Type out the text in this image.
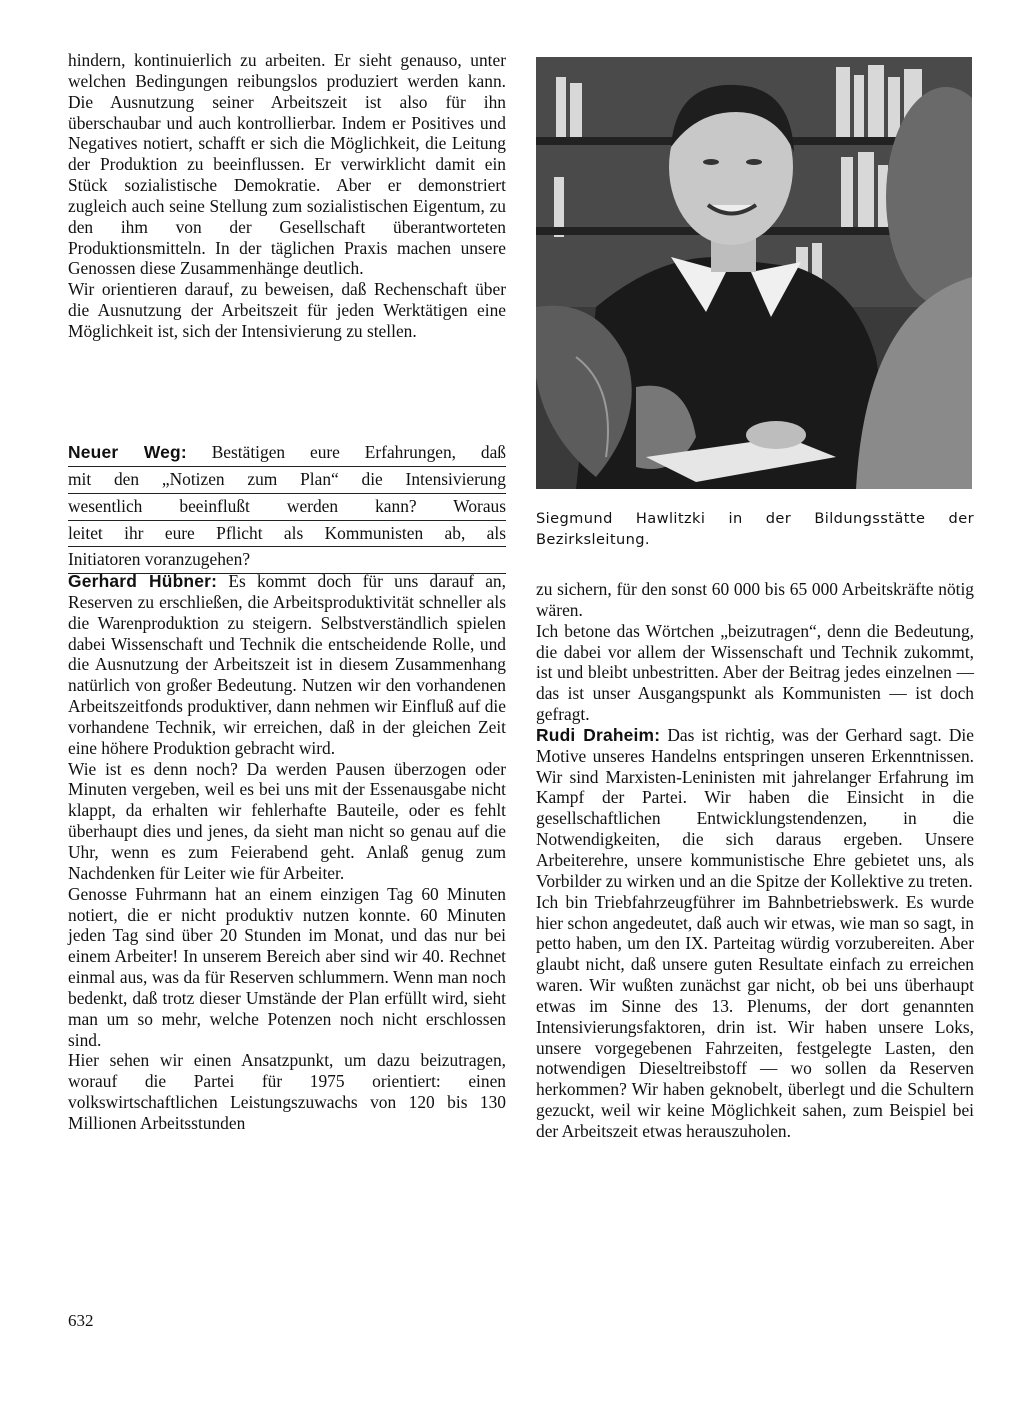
hindern, kontinuierlich zu arbeiten. Er sieht genauso, unter welchen Bedingungen reibungslos produziert werden kann. Die Ausnutzung seiner Arbeitszeit ist also für ihn überschaubar und auch kontrollierbar. Indem er Positives und Negatives notiert, schafft er sich die Möglichkeit, die Leitung der Produktion zu beeinflussen. Er verwirklicht damit ein Stück sozialistische Demokratie. Aber er demonstriert zugleich auch seine Stellung zum sozialistischen Eigentum, zu den ihm von der Gesellschaft überantworteten Produktionsmitteln. In der täglichen Praxis machen unsere Genossen diese Zusammenhänge deutlich.

Wir orientieren darauf, zu beweisen, daß Rechenschaft über die Ausnutzung der Arbeitszeit für jeden Werktätigen eine Möglichkeit ist, sich der Intensivierung zu stellen.

Neuer Weg: Bestätigen eure Erfahrungen, daß
mit den „Notizen zum Plan“ die Intensivierung
wesentlich beeinflußt werden kann? Woraus
leitet ihr eure Pflicht als Kommunisten ab, als
Initiatoren voranzugehen?

Gerhard Hübner: Es kommt doch für uns darauf an, Reserven zu erschließen, die Arbeitsproduktivität schneller als die Warenproduktion zu steigern. Selbstverständlich spielen dabei Wissenschaft und Technik die entscheidende Rolle, und die Ausnutzung der Arbeitszeit ist in diesem Zusammenhang natürlich von großer Bedeutung. Nutzen wir den vorhandenen Arbeitszeitfonds produktiver, dann nehmen wir Einfluß auf die vorhandene Technik, wir erreichen, daß in der gleichen Zeit eine höhere Produktion gebracht wird.

Wie ist es denn noch? Da werden Pausen überzogen oder Minuten vergeben, weil es bei uns mit der Essenausgabe nicht klappt, da erhalten wir fehlerhafte Bauteile, oder es fehlt überhaupt dies und jenes, da sieht man nicht so genau auf die Uhr, wenn es zum Feierabend geht. Anlaß genug zum Nachdenken für Leiter wie für Arbeiter.

Genosse Fuhrmann hat an einem einzigen Tag 60 Minuten notiert, die er nicht produktiv nutzen konnte. 60 Minuten jeden Tag sind über 20 Stunden im Monat, und das nur bei einem Arbeiter! In unserem Bereich aber sind wir 40. Rechnet einmal aus, was da für Reserven schlummern. Wenn man noch bedenkt, daß trotz dieser Umstände der Plan erfüllt wird, sieht man um so mehr, welche Potenzen noch nicht erschlossen sind.

Hier sehen wir einen Ansatzpunkt, um dazu beizutragen, worauf die Partei für 1975 orientiert: einen volkswirtschaftlichen Leistungszuwachs von 120 bis 130 Millionen Arbeitsstunden

Siegmund Hawlitzki in der Bildungsstätte der Bezirksleitung.

zu sichern, für den sonst 60 000 bis 65 000 Arbeitskräfte nötig wären.

Ich betone das Wörtchen „beizutragen“, denn die Bedeutung, die dabei vor allem der Wissenschaft und Technik zukommt, ist und bleibt unbestritten. Aber der Beitrag jedes einzelnen — das ist unser Ausgangspunkt als Kommunisten — ist doch gefragt.

Rudi Draheim: Das ist richtig, was der Gerhard sagt. Die Motive unseres Handelns entspringen unseren Erkenntnissen. Wir sind Marxisten-Leninisten mit jahrelanger Erfahrung im Kampf der Partei. Wir haben die Einsicht in die gesellschaftlichen Entwicklungstendenzen, in die Notwendigkeiten, die sich daraus ergeben. Unsere Arbeiterehre, unsere kommunistische Ehre gebietet uns, als Vorbilder zu wirken und an die Spitze der Kollektive zu treten.

Ich bin Triebfahrzeugführer im Bahnbetriebswerk. Es wurde hier schon angedeutet, daß auch wir etwas, wie man so sagt, in petto haben, um den IX. Parteitag würdig vorzubereiten. Aber glaubt nicht, daß unsere guten Resultate einfach zu erreichen waren. Wir wußten zunächst gar nicht, ob bei uns überhaupt etwas im Sinne des 13. Plenums, der dort genannten Intensivierungsfaktoren, drin ist. Wir haben unsere Loks, unsere vorgegebenen Fahrzeiten, festgelegte Lasten, den notwendigen Dieseltreibstoff — wo sollen da Reserven herkommen? Wir haben geknobelt, überlegt und die Schultern gezuckt, weil wir keine Möglichkeit sahen, zum Beispiel bei der Arbeitszeit etwas herauszuholen.

632
